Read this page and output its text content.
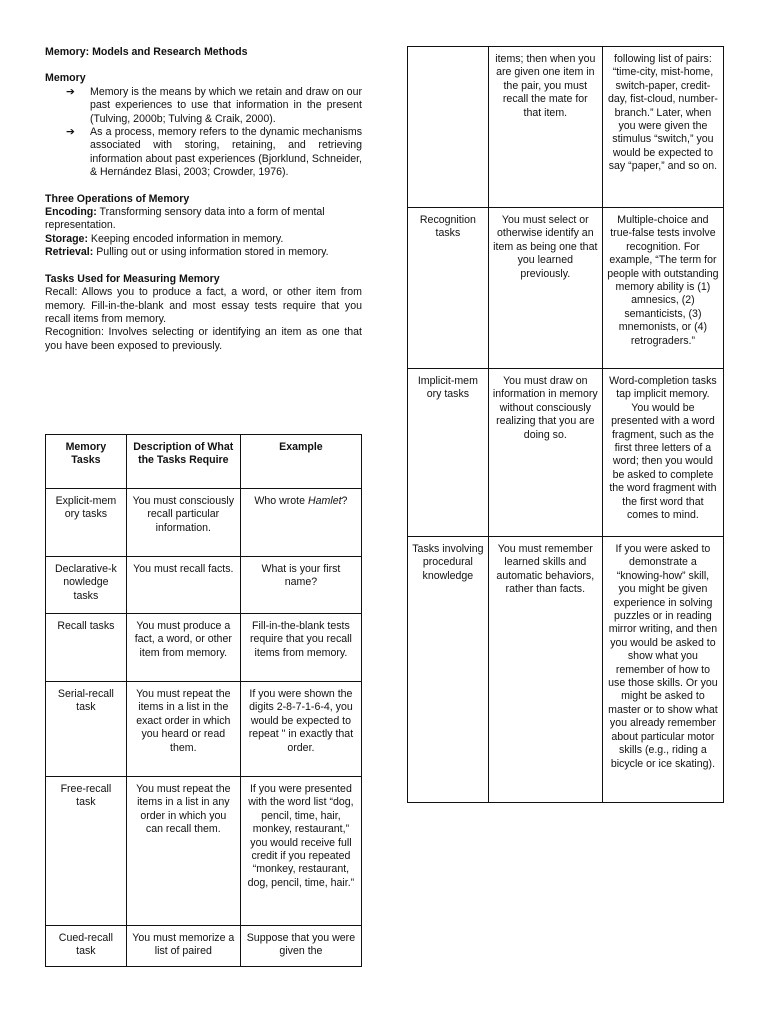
Memory: Models and Research Methods

Memory

➔ Memory is the means by which we retain and draw on our past experiences to use that information in the present (Tulving, 2000b; Tulving & Craik, 2000).
➔ As a process, memory refers to the dynamic mechanisms associated with storing, retaining, and retrieving information about past experiences (Bjorklund, Schneider, & Hernández Blasi, 2003; Crowder, 1976).

Three Operations of Memory

Encoding: Transforming sensory data into a form of mental representation.

Storage: Keeping encoded information in memory.

Retrieval: Pulling out or using information stored in memory.

Tasks Used for Measuring Memory

Recall: Allows you to produce a fact, a word, or other item from memory. Fill-in-the-blank and most essay tests require that you recall items from memory.

Recognition: Involves selecting or identifying an item as one that you have been exposed to previously.

Memory Tasks	Description of What the Tasks Require	Example
Explicit-mem ory tasks	You must consciously recall particular information.	Who wrote Hamlet?
Declarative-k nowledge tasks	You must recall facts.	What is your first name?
Recall tasks	You must produce a fact, a word, or other item from memory.	Fill-in-the-blank tests require that you recall items from memory.
Serial-recall task	You must repeat the items in a list in the exact order in which you heard or read them.	If you were shown the digits 2-8-7-1-6-4, you would be expected to repeat " in exactly that order.
Free-recall task	You must repeat the items in a list in any order in which you can recall them.	If you were presented with the word list “dog, pencil, time, hair, monkey, restaurant,” you would receive full credit if you repeated “monkey, restaurant, dog, pencil, time, hair.”
Cued-recall task	You must memorize a list of paired	Suppose that you were given the
	items; then when you are given one item in the pair, you must recall the mate for that item.	following list of pairs: “time-city, mist-home, switch-paper, credit-day, fist-cloud, number-branch.” Later, when you were given the stimulus “switch,” you would be expected to say “paper,” and so on.
Recognition tasks	You must select or otherwise identify an item as being one that you learned previously.	Multiple-choice and true-false tests involve recognition. For example, “The term for people with outstanding memory ability is (1) amnesics, (2) semanticists, (3) mnemonists, or (4) retrograders.”
Implicit-mem ory tasks	You must draw on information in memory without consciously realizing that you are doing so.	Word-completion tasks tap implicit memory. You would be presented with a word fragment, such as the first three letters of a word; then you would be asked to complete the word fragment with the first word that comes to mind.
Tasks involving procedural knowledge	You must remember learned skills and automatic behaviors, rather than facts.	If you were asked to demonstrate a “knowing-how” skill, you might be given experience in solving puzzles or in reading mirror writing, and then you would be asked to show what you remember of how to use those skills. Or you might be asked to master or to show what you already remember about particular motor skills (e.g., riding a bicycle or ice skating).
